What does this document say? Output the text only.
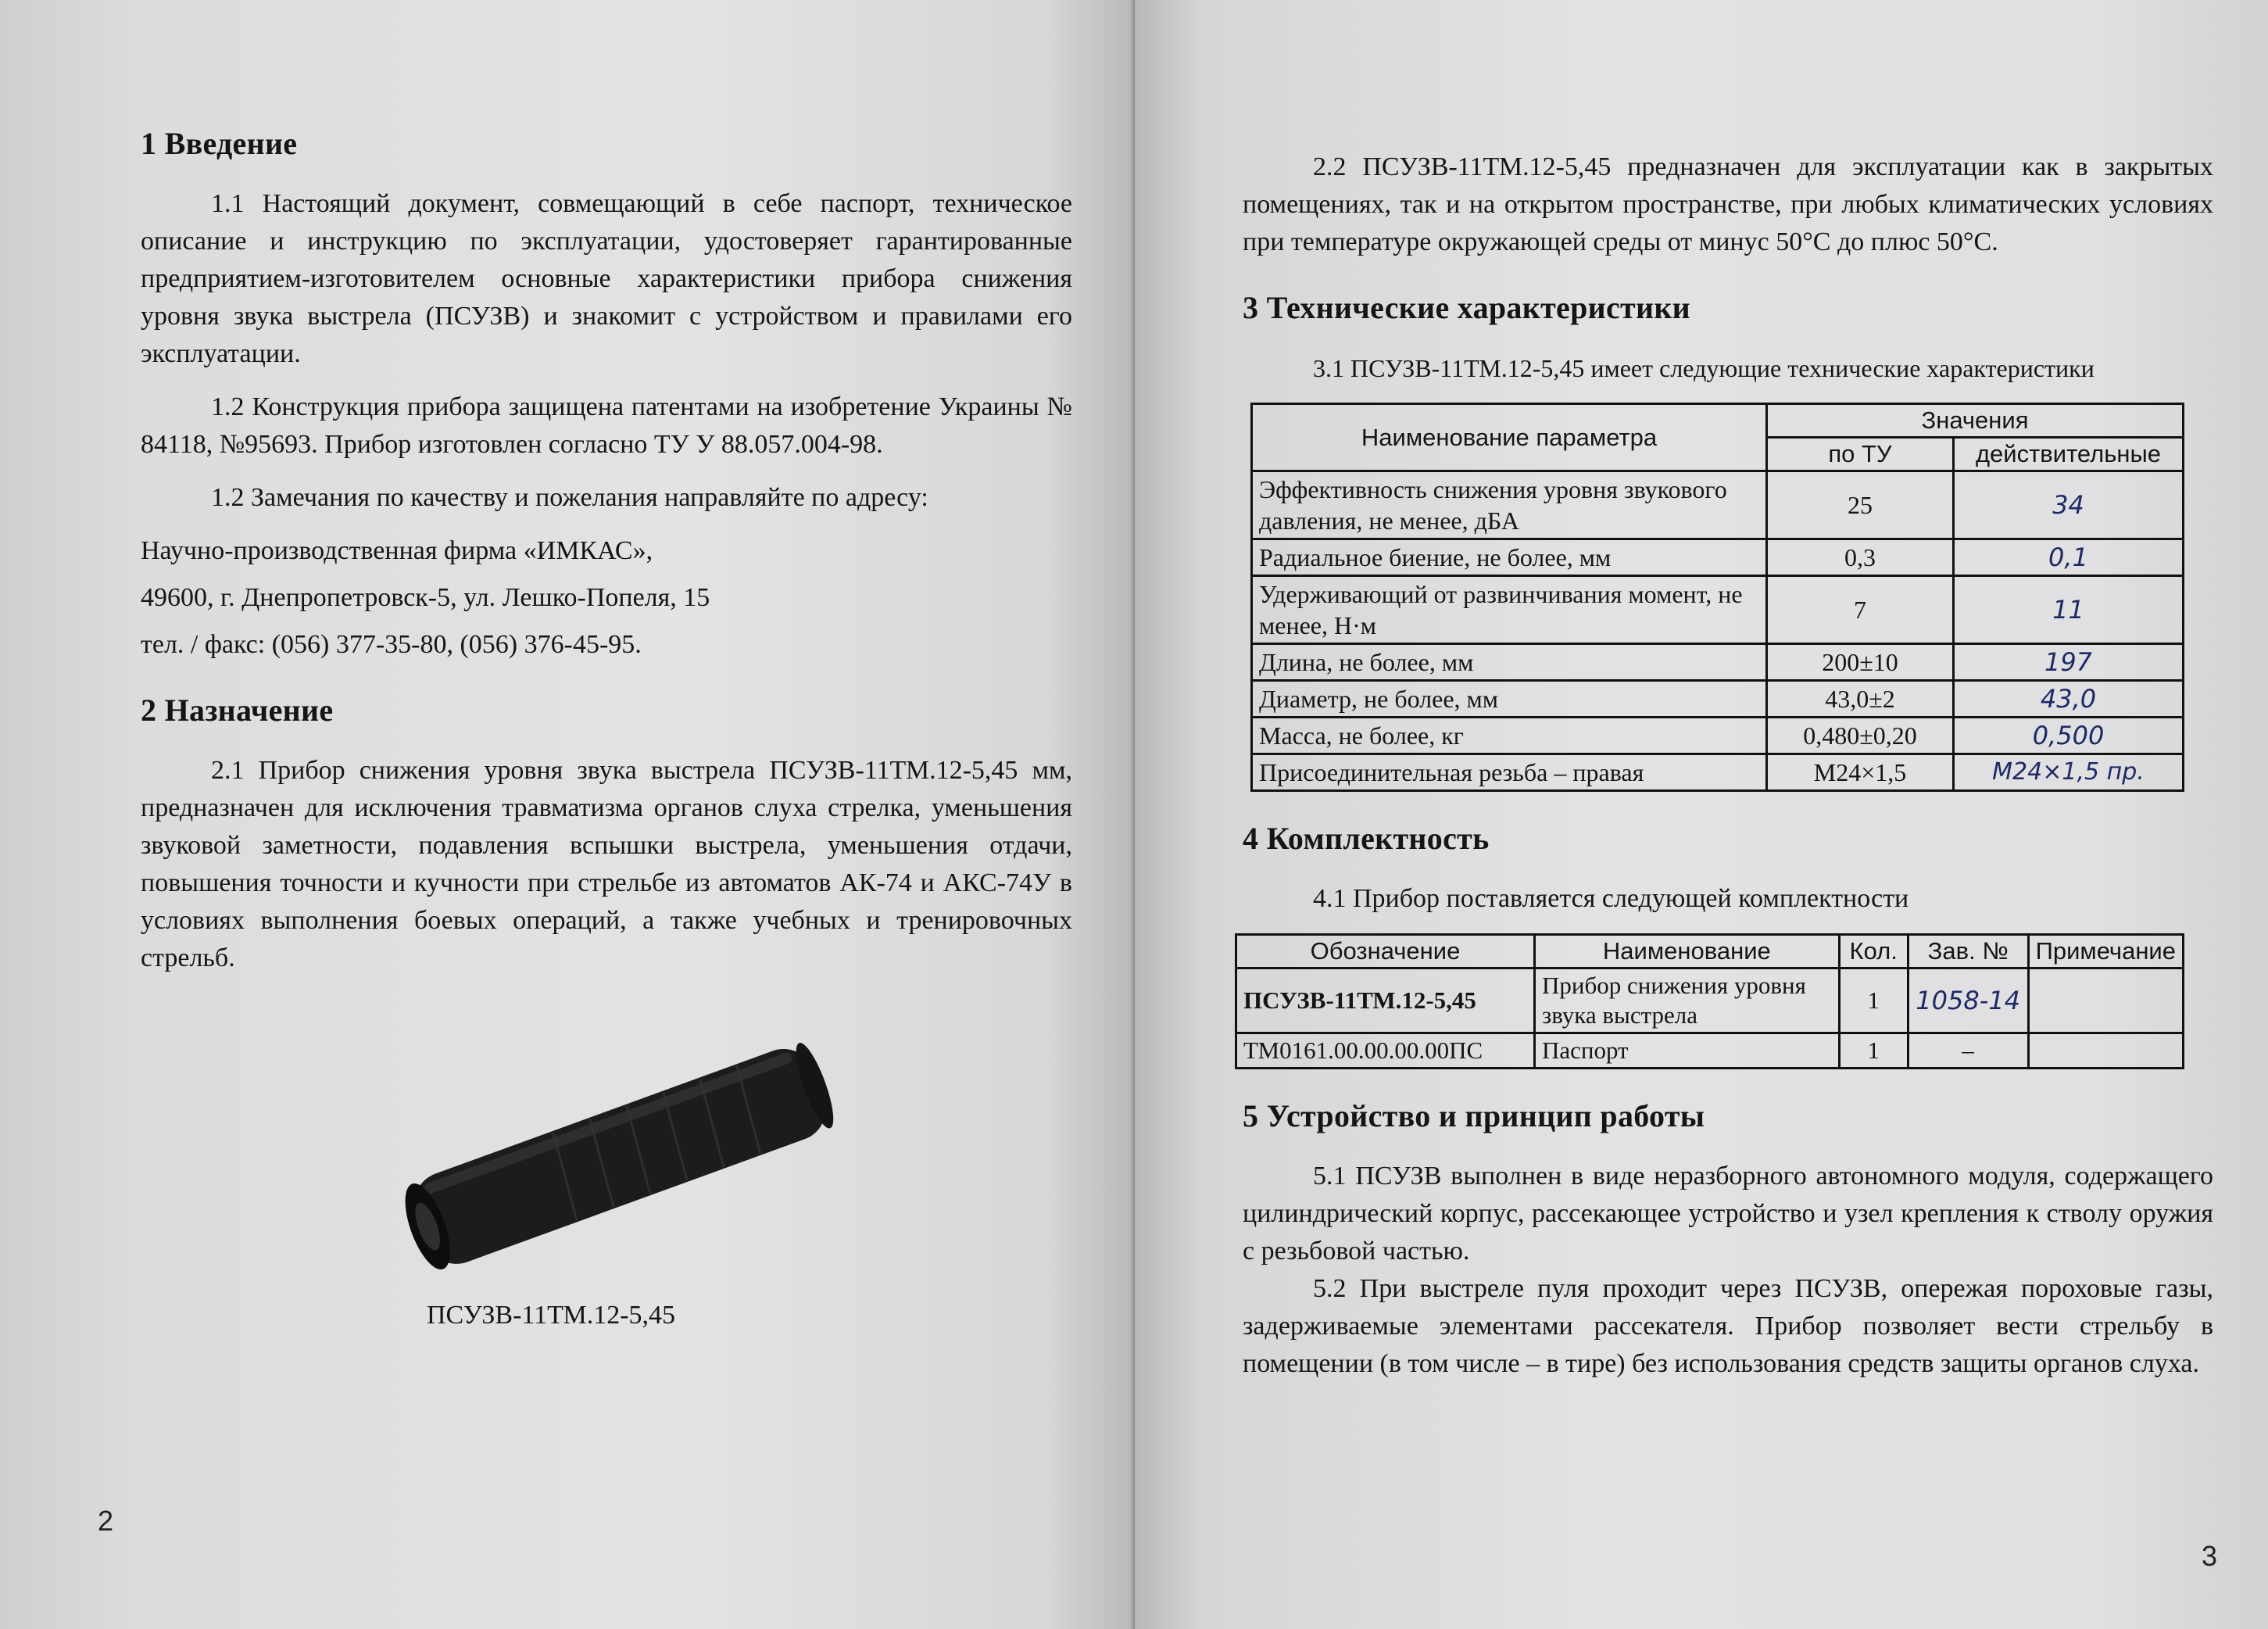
1 Введение

1.1 Настоящий документ, совмещающий в себе паспорт, техническое описание и инструкцию по эксплуатации, удостоверяет гарантированные предприятием-изготовителем основные характеристики прибора снижения уровня звука выстрела (ПСУЗВ) и знакомит с устройством и правилами его эксплуатации.

1.2 Конструкция прибора защищена патентами на изобретение Украины № 84118, №95693. Прибор изготовлен согласно ТУ У 88.057.004-98.

1.2 Замечания по качеству и пожелания направляйте по адресу:

Научно-производственная фирма «ИМКАС»,
49600, г. Днепропетровск-5, ул. Лешко-Попеля, 15
тел. / факс: (056) 377-35-80, (056) 376-45-95.
2 Назначение

2.1 Прибор снижения уровня звука выстрела ПСУЗВ-11ТМ.12-5,45 мм, предназначен для исключения травматизма органов слуха стрелка, уменьшения звуковой заметности, подавления вспышки выстрела, уменьшения отдачи, повышения точности и кучности при стрельбе из автоматов АК-74 и АКС-74У в условиях выполнения боевых операций, а также учебных и тренировочных стрельб.

ПСУЗВ-11ТМ.12-5,45
2

2.2 ПСУЗВ-11ТМ.12-5,45 предназначен для эксплуатации как в закрытых помещениях, так и на открытом пространстве, при любых климатических условиях при температуре окружающей среды от минус 50°С до плюс 50°С.

3 Технические характеристики

3.1 ПСУЗВ-11ТМ.12-5,45 имеет следующие технические характеристики

Наименование параметра	Значения	
	по ТУ	действительные
Эффективность снижения уровня звукового давления, не менее, дБА	25	34
Радиальное биение, не более, мм	0,3	0,1
Удерживающий от развинчивания момент, не менее, Н·м	7	11
Длина, не более, мм	200±10	197
Диаметр, не более, мм	43,0±2	43,0
Масса, не более, кг	0,480±0,20	0,500
Присоединительная резьба – правая	М24×1,5	М24×1,5 пр.
4 Комплектность

4.1 Прибор поставляется следующей комплектности

Обозначение	Наименование	Кол.	Зав. №	Примечание
ПСУЗВ-11ТМ.12-5,45	Прибор снижения уровня звука выстрела	1	1058-14	
ТМ0161.00.00.00.00ПС	Паспорт	1	–	
5 Устройство и принцип работы

5.1 ПСУЗВ выполнен в виде неразборного автономного модуля, содержащего цилиндрический корпус, рассекающее устройство и узел крепления к стволу оружия с резьбовой частью.

5.2 При выстреле пуля проходит через ПСУЗВ, опережая пороховые газы, задерживаемые элементами рассекателя. Прибор позволяет вести стрельбу в помещении (в том числе – в тире) без использования средств защиты органов слуха.

3
